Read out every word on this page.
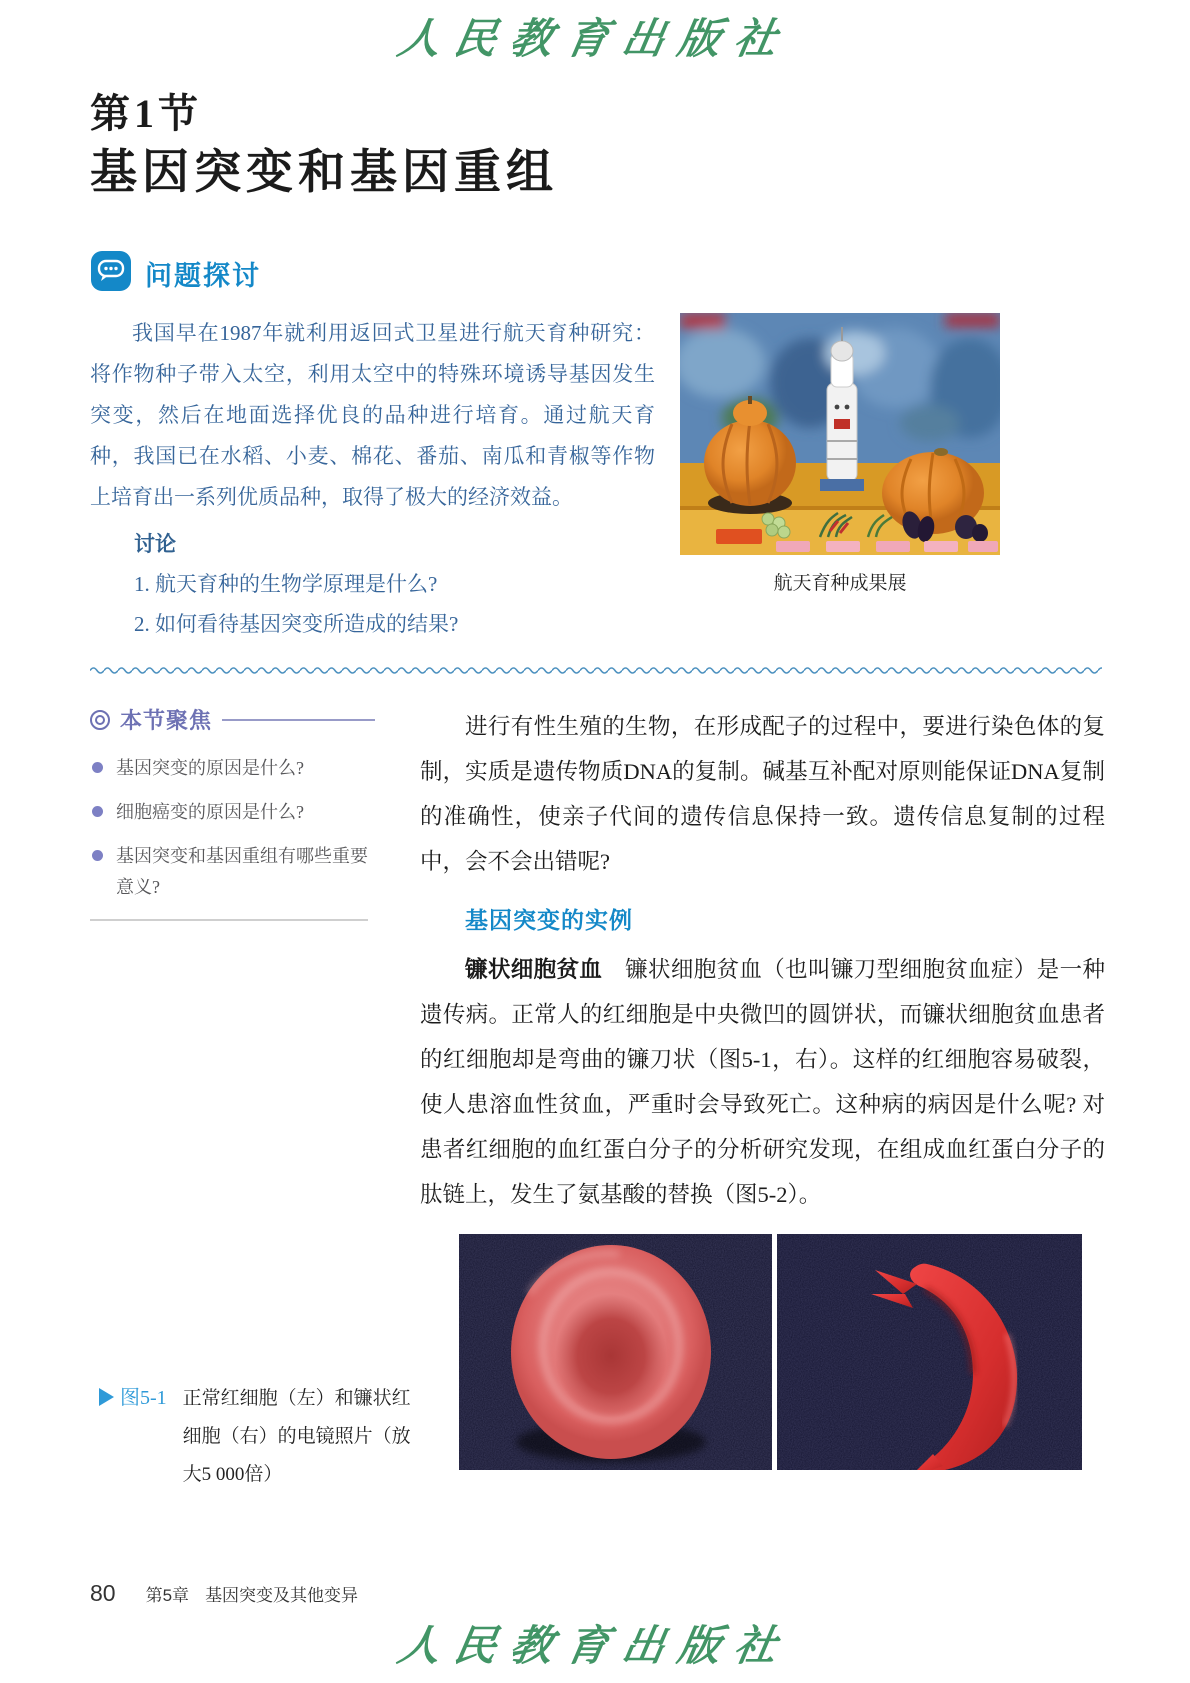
人民教育出版社
第1节
基因突变和基因重组
问题探讨

我国早在1987年就利用返回式卫星进行航天育种研究：将作物种子带入太空，利用太空中的特殊环境诱导基因发生突变，然后在地面选择优良的品种进行培育。通过航天育种，我国已在水稻、小麦、棉花、番茄、南瓜和青椒等作物上培育出一系列优质品种，取得了极大的经济效益。

讨论
1. 航天育种的生物学原理是什么?
2. 如何看待基因突变所造成的结果?
航天育种成果展
本节聚焦
基因突变的原因是什么?
细胞癌变的原因是什么?
基因突变和基因重组有哪些重要意义?

进行有性生殖的生物，在形成配子的过程中，要进行染色体的复制，实质是遗传物质DNA的复制。碱基互补配对原则能保证DNA复制的准确性，使亲子代间的遗传信息保持一致。遗传信息复制的过程中，会不会出错呢?

基因突变的实例

镰状细胞贫血　 镰状细胞贫血（也叫镰刀型细胞贫血症）是一种遗传病。正常人的红细胞是中央微凹的圆饼状，而镰状细胞贫血患者的红细胞却是弯曲的镰刀状（图5-1，右）。这样的红细胞容易破裂，使人患溶血性贫血，严重时会导致死亡。这种病的病因是什么呢? 对患者红细胞的血红蛋白分子的分析研究发现，在组成血红蛋白分子的肽链上，发生了氨基酸的替换（图5-2）。

图5-1 正常红细胞（左）和镰状红细胞（右）的电镜照片（放大5 000倍）
80 第5章 基因突变及其他变异
人民教育出版社
